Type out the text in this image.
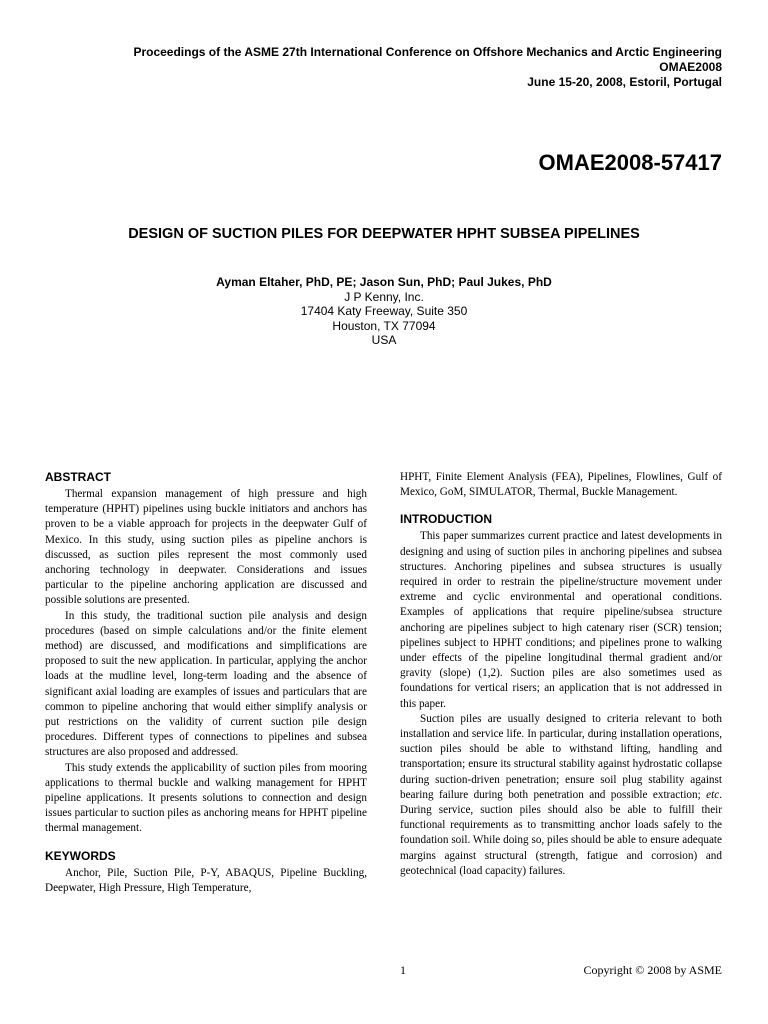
Proceedings of the ASME 27th International Conference on Offshore Mechanics and Arctic Engineering
OMAE2008
June 15-20, 2008, Estoril, Portugal
OMAE2008-57417
DESIGN OF SUCTION PILES FOR DEEPWATER HPHT SUBSEA PIPELINES
Ayman Eltaher, PhD, PE; Jason Sun, PhD; Paul Jukes, PhD
J P Kenny, Inc.
17404 Katy Freeway, Suite 350
Houston, TX 77094
USA
ABSTRACT

Thermal expansion management of high pressure and high temperature (HPHT) pipelines using buckle initiators and anchors has proven to be a viable approach for projects in the deepwater Gulf of Mexico. In this study, using suction piles as pipeline anchors is discussed, as suction piles represent the most commonly used anchoring technology in deepwater. Considerations and issues particular to the pipeline anchoring application are discussed and possible solutions are presented.

In this study, the traditional suction pile analysis and design procedures (based on simple calculations and/or the finite element method) are discussed, and modifications and simplifications are proposed to suit the new application. In particular, applying the anchor loads at the mudline level, long-term loading and the absence of significant axial loading are examples of issues and particulars that are common to pipeline anchoring that would either simplify analysis or put restrictions on the validity of current suction pile design procedures. Different types of connections to pipelines and subsea structures are also proposed and addressed.

This study extends the applicability of suction piles from mooring applications to thermal buckle and walking management for HPHT pipeline applications. It presents solutions to connection and design issues particular to suction piles as anchoring means for HPHT pipeline thermal management.

KEYWORDS

Anchor, Pile, Suction Pile, P-Y, ABAQUS, Pipeline Buckling, Deepwater, High Pressure, High Temperature,

HPHT, Finite Element Analysis (FEA), Pipelines, Flowlines, Gulf of Mexico, GoM, SIMULATOR, Thermal, Buckle Management.

INTRODUCTION

This paper summarizes current practice and latest developments in designing and using of suction piles in anchoring pipelines and subsea structures. Anchoring pipelines and subsea structures is usually required in order to restrain the pipeline/structure movement under extreme and cyclic environmental and operational conditions. Examples of applications that require pipeline/subsea structure anchoring are pipelines subject to high catenary riser (SCR) tension; pipelines subject to HPHT conditions; and pipelines prone to walking under effects of the pipeline longitudinal thermal gradient and/or gravity (slope) (1,2). Suction piles are also sometimes used as foundations for vertical risers; an application that is not addressed in this paper.

Suction piles are usually designed to criteria relevant to both installation and service life. In particular, during installation operations, suction piles should be able to withstand lifting, handling and transportation; ensure its structural stability against hydrostatic collapse during suction-driven penetration; ensure soil plug stability against bearing failure during both penetration and possible extraction; etc. During service, suction piles should also be able to fulfill their functional requirements as to transmitting anchor loads safely to the foundation soil. While doing so, piles should be able to ensure adequate margins against structural (strength, fatigue and corrosion) and geotechnical (load capacity) failures.

1	Copyright © 2008 by ASME
